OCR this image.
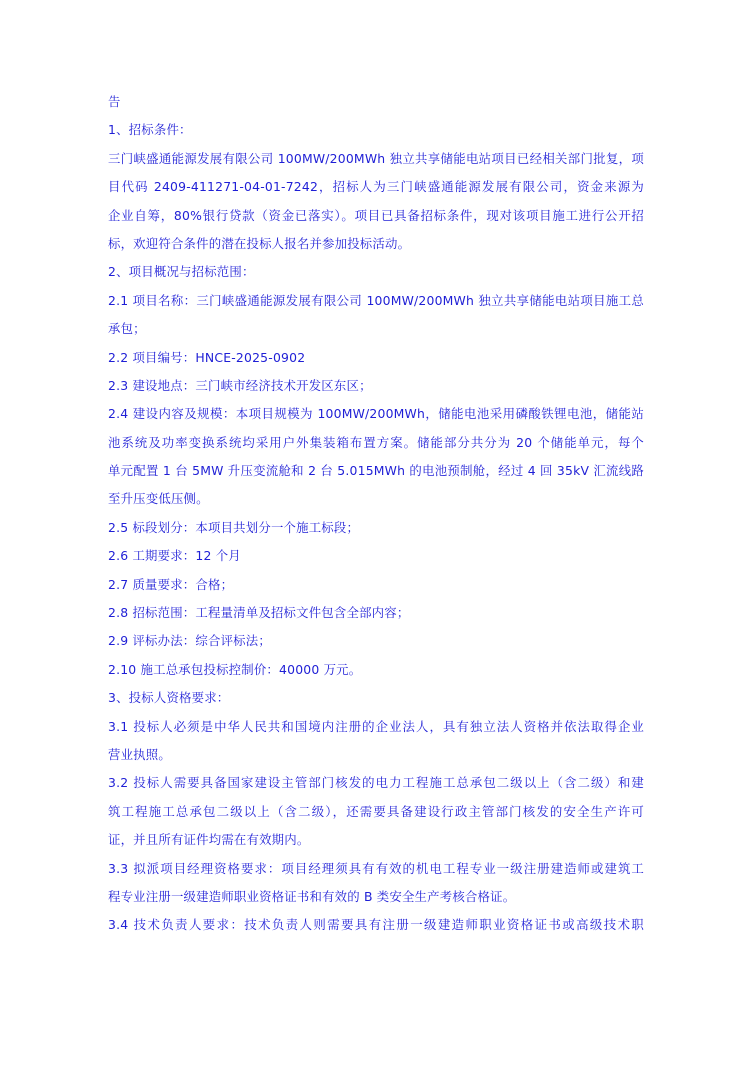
告
1、招标条件：
三门峡盛通能源发展有限公司 100MW/200MWh 独立共享储能电站项目已经相关部门批复，项
目代码 2409-411271-04-01-7242，招标人为三门峡盛通能源发展有限公司，资金来源为
企业自筹，80%银行贷款（资金已落实）。项目已具备招标条件，现对该项目施工进行公开招
标，欢迎符合条件的潜在投标人报名并参加投标活动。
2、项目概况与招标范围：
2.1 项目名称：三门峡盛通能源发展有限公司 100MW/200MWh 独立共享储能电站项目施工总
承包；
2.2 项目编号：HNCE-2025-0902
2.3 建设地点：三门峡市经济技术开发区东区；
2.4 建设内容及规模：本项目规模为 100MW/200MWh，储能电池采用磷酸铁锂电池，储能站
池系统及功率变换系统均采用户外集装箱布置方案。储能部分共分为 20 个储能单元，每个
单元配置 1 台 5MW 升压变流舱和 2 台 5.015MWh 的电池预制舱，经过 4 回 35kV 汇流线路
至升压变低压侧。
2.5 标段划分：本项目共划分一个施工标段；
2.6 工期要求：12 个月
2.7 质量要求：合格；
2.8 招标范围：工程量清单及招标文件包含全部内容；
2.9 评标办法：综合评标法；
2.10 施工总承包投标控制价：40000 万元。
3、投标人资格要求：
3.1 投标人必须是中华人民共和国境内注册的企业法人，具有独立法人资格并依法取得企业
营业执照。
3.2 投标人需要具备国家建设主管部门核发的电力工程施工总承包二级以上（含二级）和建
筑工程施工总承包二级以上（含二级），还需要具备建设行政主管部门核发的安全生产许可
证，并且所有证件均需在有效期内。
3.3 拟派项目经理资格要求：项目经理须具有有效的机电工程专业一级注册建造师或建筑工
程专业注册一级建造师职业资格证书和有效的 B 类安全生产考核合格证。
3.4 技术负责人要求：技术负责人则需要具有注册一级建造师职业资格证书或高级技术职
